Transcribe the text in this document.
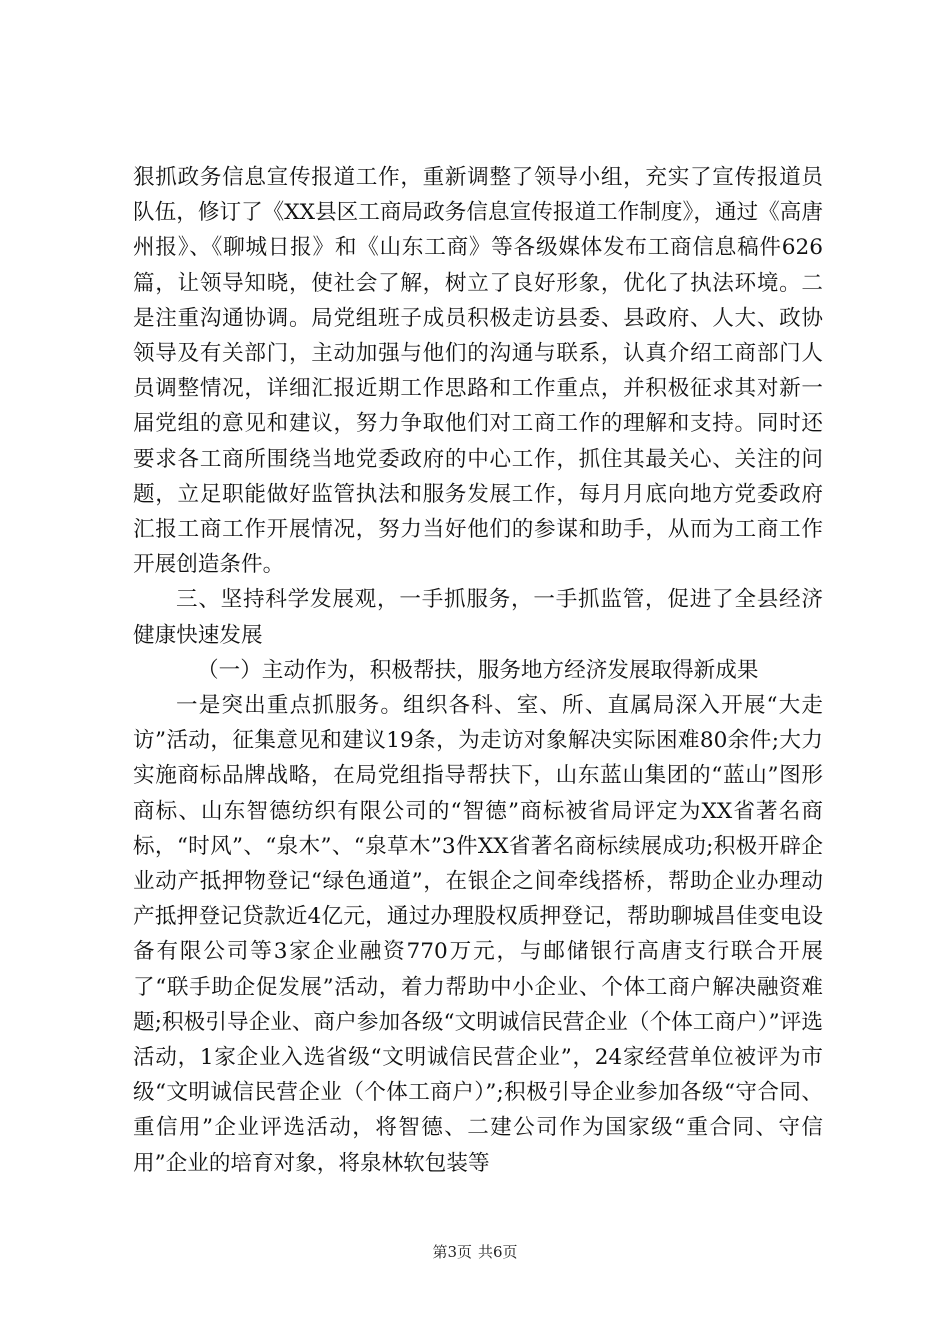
狠抓政务信息宣传报道工作，重新调整了领导小组，充实了宣传报道员队伍，修订了《XX县区工商局政务信息宣传报道工作制度》，通过《高唐州报》、《聊城日报》和《山东工商》等各级媒体发布工商信息稿件626篇，让领导知晓，使社会了解，树立了良好形象，优化了执法环境。二是注重沟通协调。局党组班子成员积极走访县委、县政府、人大、政协领导及有关部门，主动加强与他们的沟通与联系，认真介绍工商部门人员调整情况，详细汇报近期工作思路和工作重点，并积极征求其对新一届党组的意见和建议，努力争取他们对工商工作的理解和支持。同时还要求各工商所围绕当地党委政府的中心工作，抓住其最关心、关注的问题，立足职能做好监管执法和服务发展工作，每月月底向地方党委政府汇报工商工作开展情况，努力当好他们的参谋和助手，从而为工商工作开展创造条件。

三、坚持科学发展观，一手抓服务，一手抓监管，促进了全县经济健康快速发展

（一）主动作为，积极帮扶，服务地方经济发展取得新成果

一是突出重点抓服务。组织各科、室、所、直属局深入开展“大走访”活动，征集意见和建议19条，为走访对象解决实际困难80余件;大力实施商标品牌战略，在局党组指导帮扶下，山东蓝山集团的“蓝山”图形商标、山东智德纺织有限公司的“智德”商标被省局评定为XX省著名商标，“时风”、“泉木”、“泉草木”3件XX省著名商标续展成功;积极开辟企业动产抵押物登记“绿色通道”，在银企之间牵线搭桥，帮助企业办理动产抵押登记贷款近4亿元，通过办理股权质押登记，帮助聊城昌佳变电设备有限公司等3家企业融资770万元，与邮储银行高唐支行联合开展了“联手助企促发展”活动，着力帮助中小企业、个体工商户解决融资难题;积极引导企业、商户参加各级“文明诚信民营企业（个体工商户）”评选活动，1家企业入选省级“文明诚信民营企业”，24家经营单位被评为市级“文明诚信民营企业（个体工商户）”;积极引导企业参加各级“守合同、重信用”企业评选活动，将智德、二建公司作为国家级“重合同、守信用”企业的培育对象，将泉林软包装等

第3页 共6页
